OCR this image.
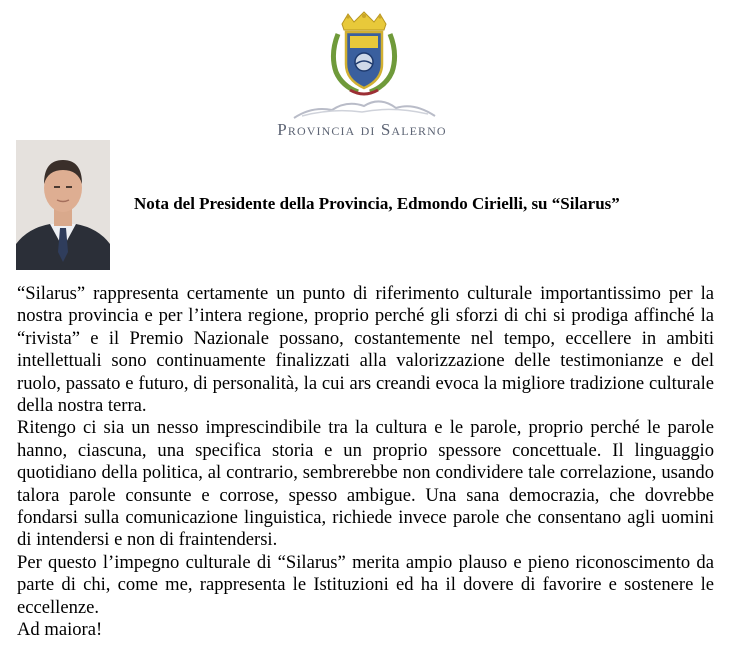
Provincia di Salerno
Nota del Presidente della Provincia, Edmondo Cirielli, su “Silarus”

“Silarus” rappresenta certamente un punto di riferimento culturale importantissimo per la nostra provincia e per l’intera regione, proprio perché gli sforzi di chi si prodiga affinché la “rivista” e il Premio Nazionale possano, costantemente nel tempo, eccellere in ambiti intellettuali sono continuamente finalizzati alla valorizzazione delle testimonianze e del ruolo, passato e futuro, di personalità, la cui ars creandi evoca la migliore tradizione culturale della nostra terra.

Ritengo ci sia un nesso imprescindibile tra la cultura e le parole, proprio perché le parole hanno, ciascuna, una specifica storia e un proprio spessore concettuale. Il linguaggio quotidiano della politica, al contrario, sembrerebbe non condividere tale correlazione, usando talora parole consunte e corrose, spesso ambigue. Una sana democrazia, che dovrebbe fondarsi sulla comunicazione linguistica, richiede invece parole che consentano agli uomini di intendersi e non di fraintendersi.

Per questo l’impegno culturale di “Silarus” merita ampio plauso e pieno riconoscimento da parte di chi, come me, rappresenta le Istituzioni ed ha il dovere di favorire e sostenere le eccellenze.

Ad maiora!
